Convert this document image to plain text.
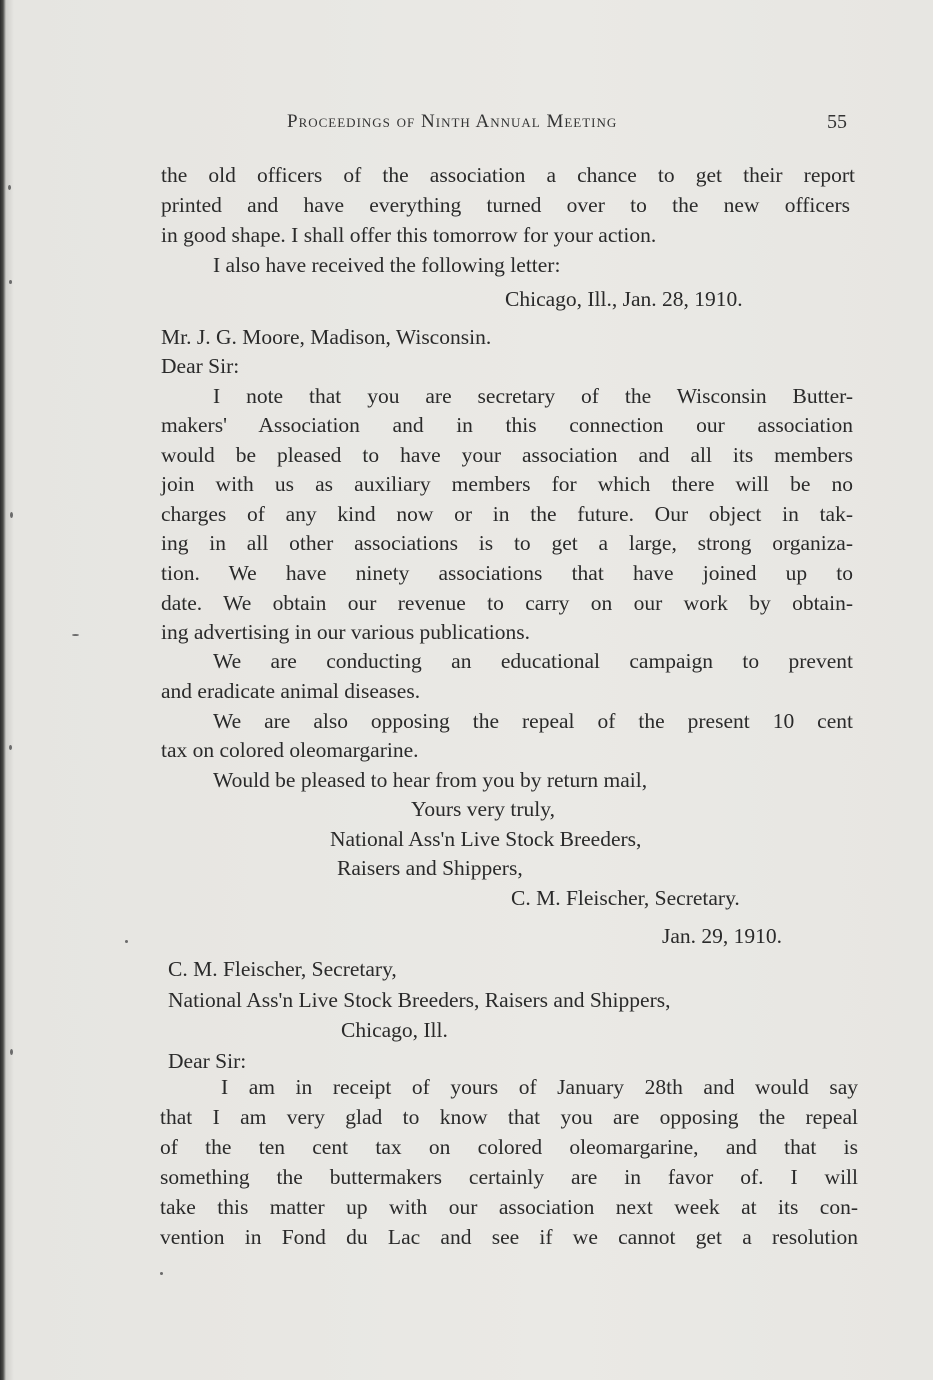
Proceedings of Ninth Annual Meeting	55
the old officers of the association a chance to get their report
printed and have everything turned over to the new officers
in good shape. I shall offer this tomorrow for your action.
I also have received the following letter:
Chicago, Ill., Jan. 28, 1910.
Mr. J. G. Moore, Madison, Wisconsin.
Dear Sir:
I note that you are secretary of the Wisconsin Butter-
makers' Association and in this connection our association
would be pleased to have your association and all its members
join with us as auxiliary members for which there will be no
charges of any kind now or in the future. Our object in tak-
ing in all other associations is to get a large, strong organiza-
tion. We have ninety associations that have joined up to
date. We obtain our revenue to carry on our work by obtain-
ing advertising in our various publications.
We are conducting an educational campaign to prevent
and eradicate animal diseases.
We are also opposing the repeal of the present 10 cent
tax on colored oleomargarine.
Would be pleased to hear from you by return mail,
Yours very truly,
National Ass'n Live Stock Breeders,
Raisers and Shippers,
C. M. Fleischer, Secretary.
Jan. 29, 1910.
C. M. Fleischer, Secretary,
National Ass'n Live Stock Breeders, Raisers and Shippers,
Chicago, Ill.
Dear Sir:
I am in receipt of yours of January 28th and would say
that I am very glad to know that you are opposing the repeal
of the ten cent tax on colored oleomargarine, and that is
something the buttermakers certainly are in favor of. I will
take this matter up with our association next week at its con-
vention in Fond du Lac and see if we cannot get a resolution
